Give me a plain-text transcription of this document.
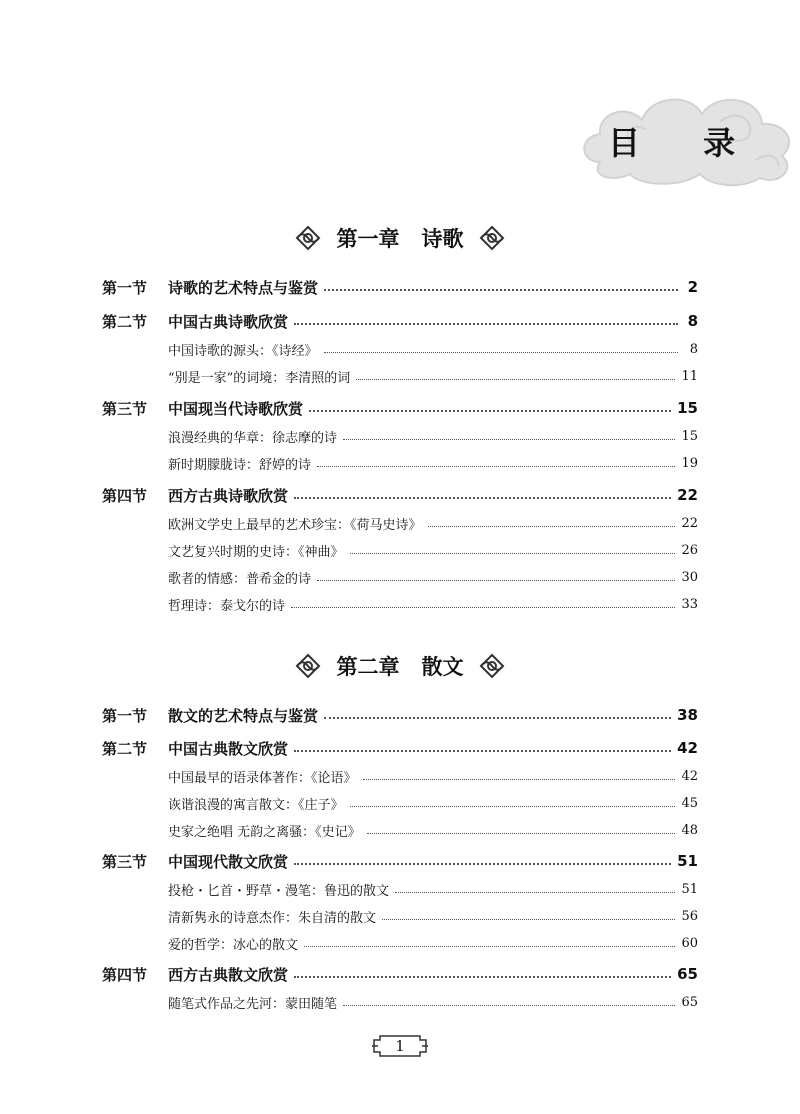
目 录
第一章   诗歌
第一节	诗歌的艺术特点与鉴赏	2
第二节	中国古典诗歌欣赏	8
中国诗歌的源头：《诗经》	8
“别是一家”的词境：李清照的词	11
第三节	中国现当代诗歌欣赏	15
浪漫经典的华章：徐志摩的诗	15
新时期朦胧诗：舒婷的诗	19
第四节	西方古典诗歌欣赏	22
欧洲文学史上最早的艺术珍宝：《荷马史诗》	22
文艺复兴时期的史诗：《神曲》	26
歌者的情感：普希金的诗	30
哲理诗：泰戈尔的诗	33
第二章   散文
第一节	散文的艺术特点与鉴赏	38
第二节	中国古典散文欣赏	42
中国最早的语录体著作：《论语》	42
诙谐浪漫的寓言散文：《庄子》	45
史家之绝唱 无韵之离骚：《史记》	48
第三节	中国现代散文欣赏	51
投枪・匕首・野草・漫笔：鲁迅的散文	51
清新隽永的诗意杰作：朱自清的散文	56
爱的哲学：冰心的散文	60
第四节	西方古典散文欣赏	65
随笔式作品之先河：蒙田随笔	65
1
